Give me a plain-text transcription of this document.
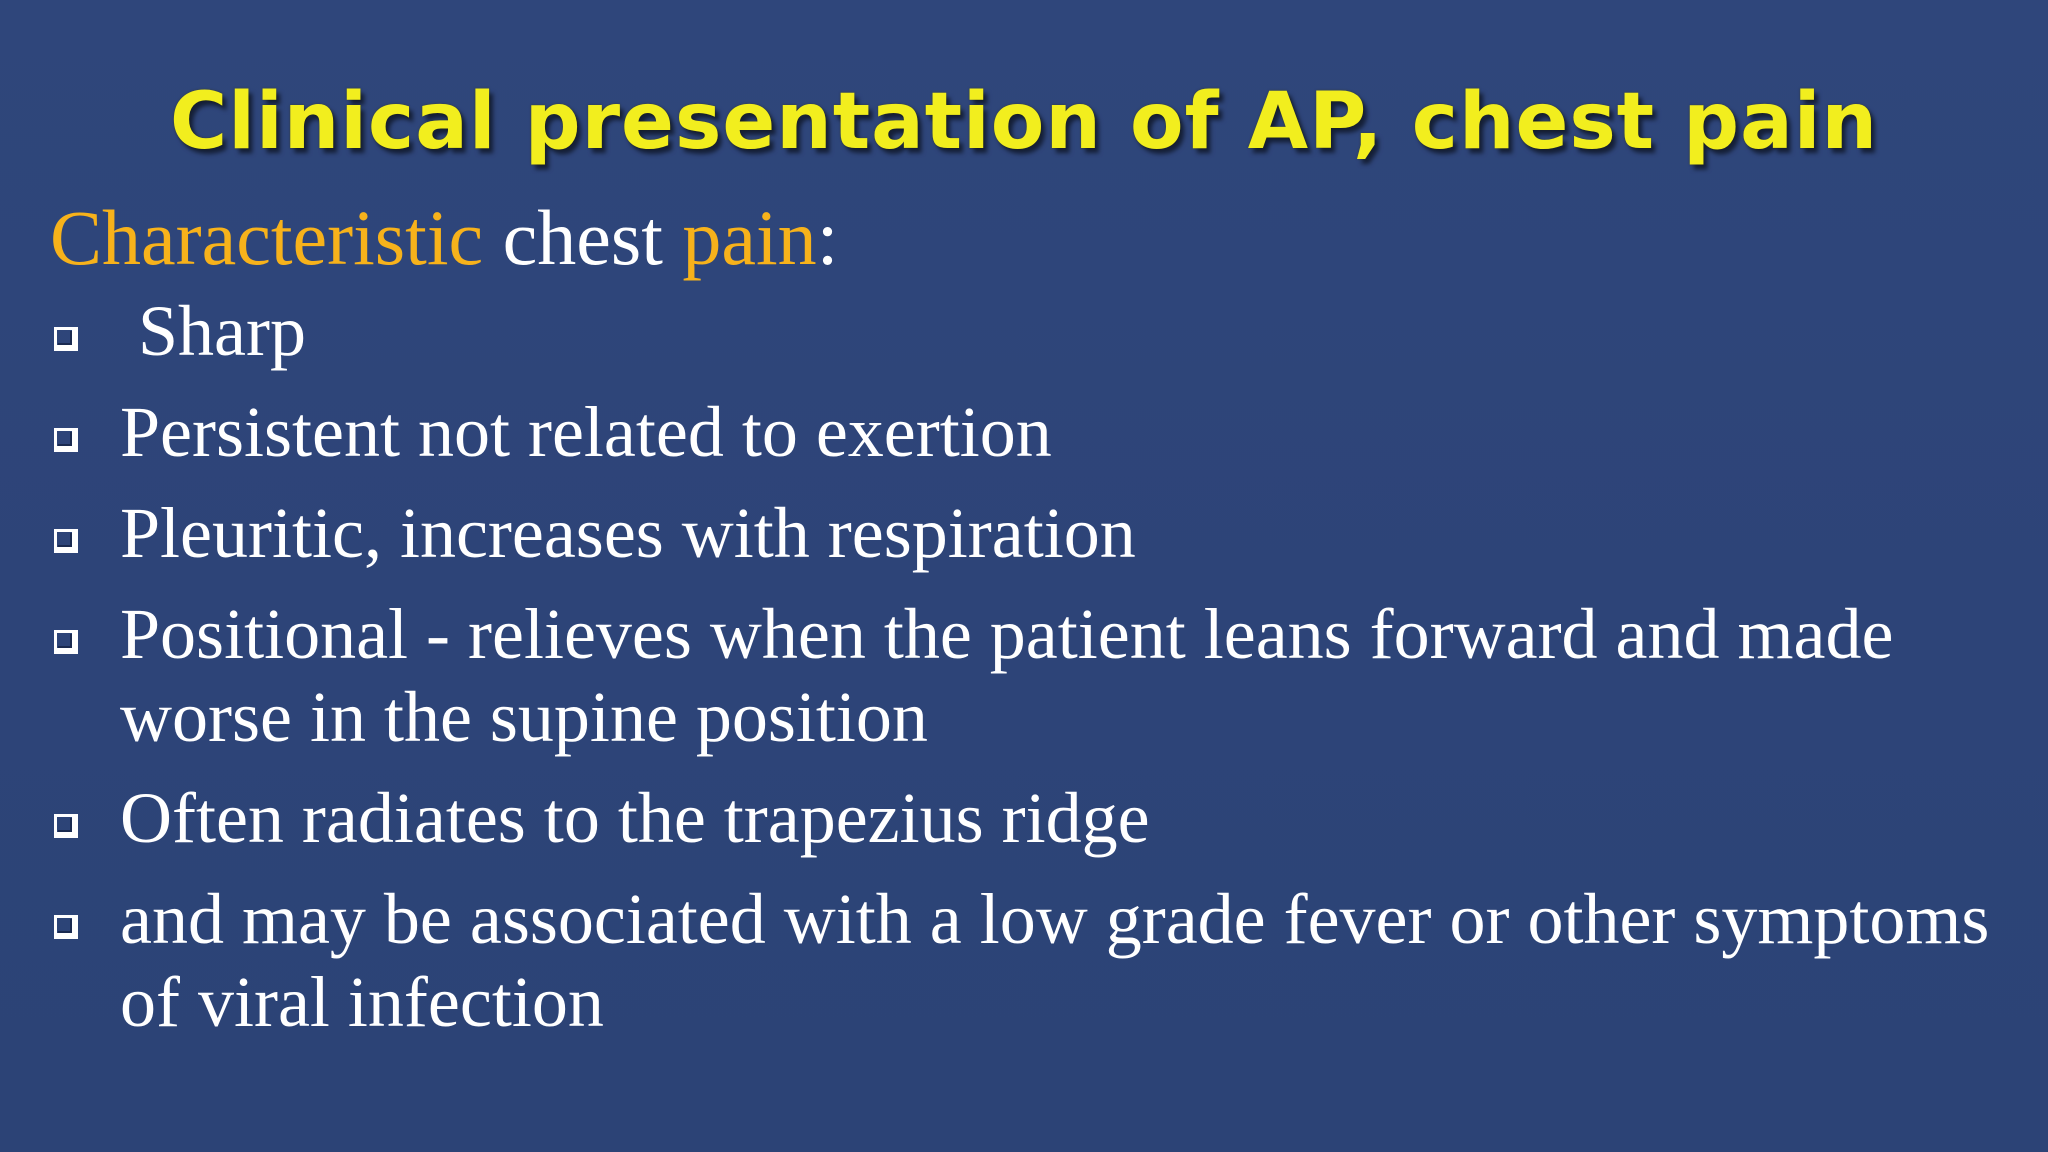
Clinical presentation of AP, chest pain
Characteristic chest pain:
Sharp
Persistent not related to exertion
Pleuritic, increases with respiration
Positional - relieves when the patient leans forward and made worse in the supine position
Often radiates to the trapezius ridge
and may be associated with a low grade fever or other symptoms of viral infection
